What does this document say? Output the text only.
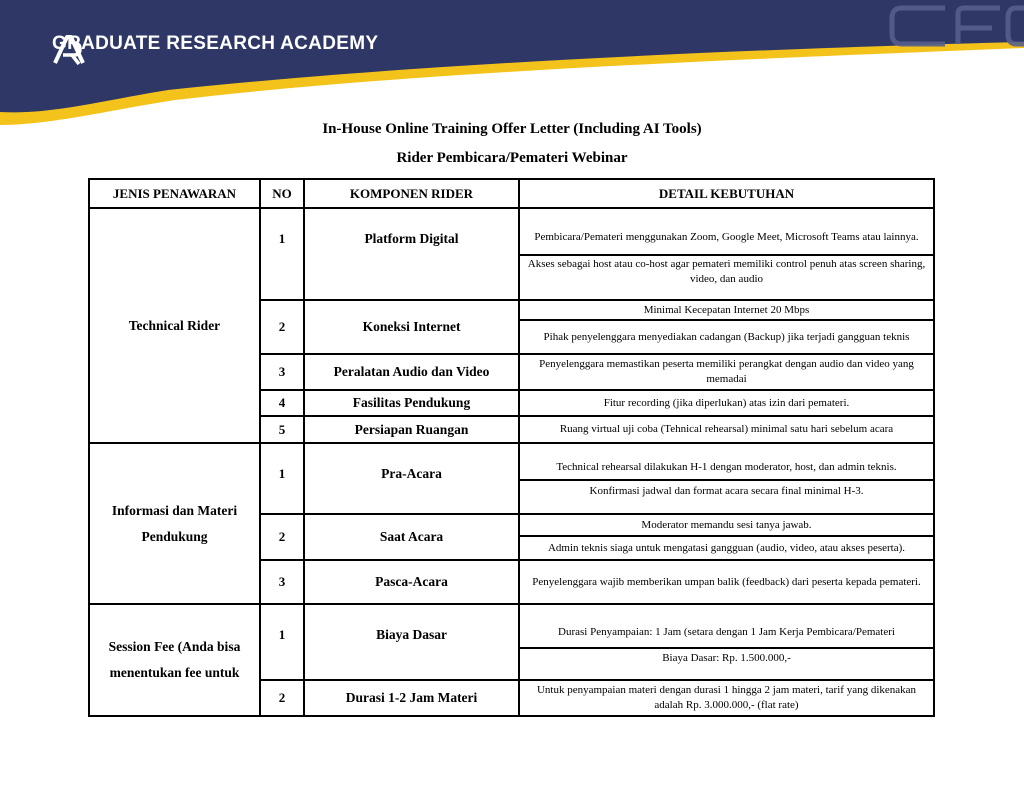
GRADUATE RESEARCH ACADEMY
In-House Online Training Offer Letter (Including AI Tools)
Rider Pembicara/Pemateri Webinar
JENIS PENAWARAN	NO	KOMPONEN RIDER	DETAIL KEBUTUHAN
Technical Rider	1	Platform Digital	Pembicara/Pemateri menggunakan Zoom, Google Meet, Microsoft Teams atau lainnya.
Akses sebagai host atau co-host agar pemateri memiliki control penuh atas screen sharing, video, dan audio

	2	Koneksi Internet	Minimal Kecepatan Internet 20 Mbps
Pihak penyelenggara menyediakan cadangan (Backup) jika terjadi gangguan teknis

	3	Peralatan Audio dan Video	Penyelenggara memastikan peserta memiliki perangkat dengan audio dan video yang memadai

	4	Fasilitas Pendukung	Fitur recording (jika diperlukan) atas izin dari pemateri.

	5	Persiapan Ruangan	Ruang virtual uji coba (Tehnical rehearsal) minimal satu hari sebelum acara

Informasi dan Materi Pendukung	1	Pra-Acara	Technical rehearsal dilakukan H-1 dengan moderator, host, dan admin teknis.
Konfirmasi jadwal dan format acara secara final minimal H-3.

	2	Saat Acara	Moderator memandu sesi tanya jawab.
Admin teknis siaga untuk mengatasi gangguan (audio, video, atau akses peserta).

	3	Pasca-Acara	Penyelenggara wajib memberikan umpan balik (feedback) dari peserta kepada pemateri.

Session Fee (Anda bisa menentukan fee untuk	1	Biaya Dasar	Durasi Penyampaian: 1 Jam (setara dengan 1 Jam Kerja Pembicara/Pemateri
Biaya Dasar: Rp. 1.500.000,-

	2	Durasi 1-2 Jam Materi	Untuk penyampaian materi dengan durasi 1 hingga 2 jam materi, tarif yang dikenakan adalah Rp. 3.000.000,- (flat rate)
